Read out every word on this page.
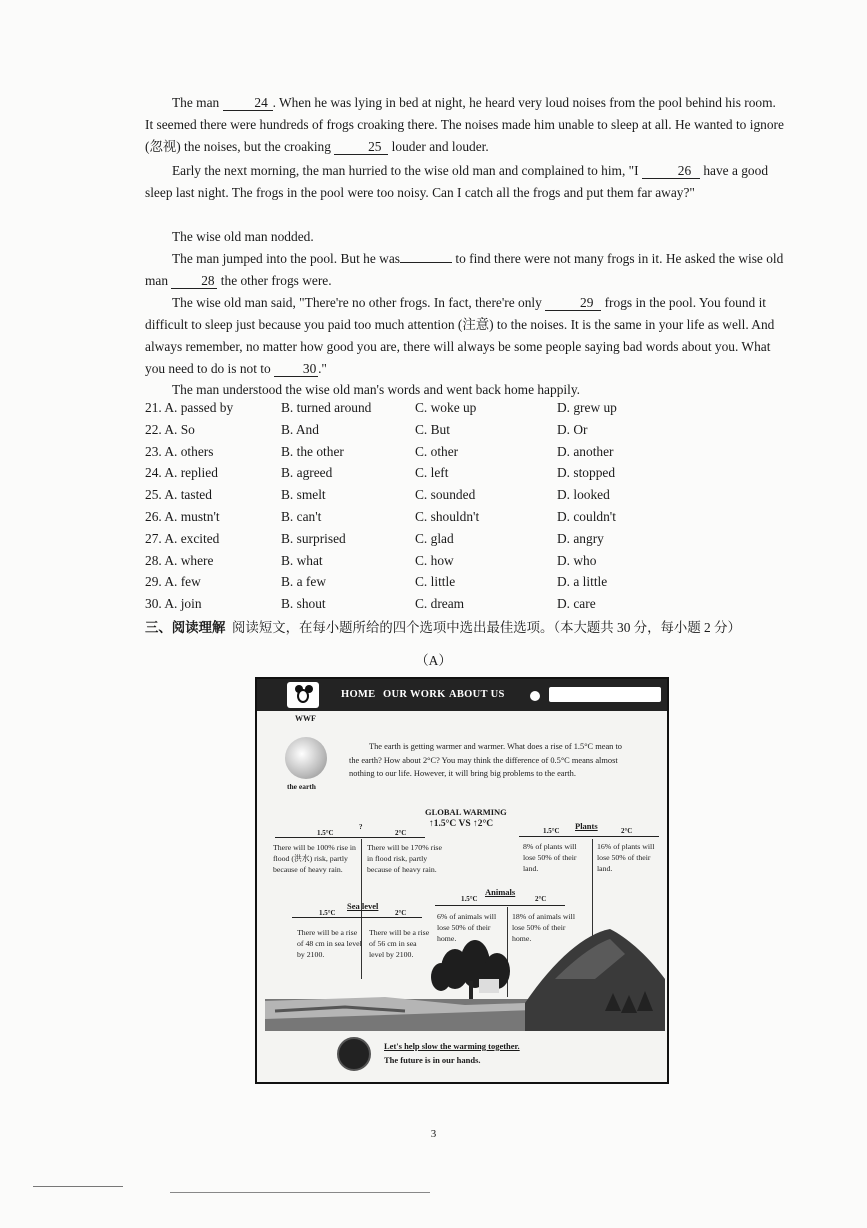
The man	24 . When he was lying in bed at night, he heard very loud noises from the pool behind his room. It seemed there were hundreds of frogs croaking there. The noises made him unable to sleep at all. He wanted to ignore (忽视) the noises, but the croaking	25 louder and louder.

Early the next morning, the man hurried to the wise old man and complained to him, "I	26 have a good sleep last night. The frogs in the pool were too noisy. Can I catch all the frogs and put them far away?"

The wise old man nodded.

The man jumped into the pool. But he was	to find there were not many frogs in it. He asked the wise old man 28 the other frogs were.

The wise old man said, "There're no other frogs. In fact, there're only	29 frogs in the pool. You found it difficult to sleep just because you paid too much attention (注意) to the noises. It is the same in your life as well. And always remember, no matter how good you are, there will always be some people saying bad words about you. What you need to do is not to 30 ."

The man understood the wise old man's words and went back home happily.

21. A. passed by	B. turned around	C. woke up	D. grew up
22. A. So	B. And	C. But	D. Or
23. A. others	B. the other	C. other	D. another
24. A. replied	B. agreed	C. left	D. stopped
25. A. tasted	B. smelt	C. sounded	D. looked
26. A. mustn't	B. can't	C. shouldn't	D. couldn't
27. A. excited	B. surprised	C. glad	D. angry
28. A. where	B. what	C. how	D. who
29. A. few	B. a few	C. little	D. a little
30. A. join	B. shout	C. dream	D. care
三、阅读理解 阅读短文，在每小题所给的四个选项中选出最佳选项。（本大题共 30 分，每小题 2 分）
（A）
HOME OUR WORK ABOUT US
WWF
the earth
The earth is getting warmer and warmer. What does a rise of 1.5°C mean to the earth? How about 2°C? You may think the difference of 0.5°C means almost nothing to our life. However, it will bring big problems to the earth.
GLOBAL WARMING
↑1.5°C VS ↑2°C
1.5°C
?
2°C
There will be 100% rise in flood (洪水) risk, partly because of heavy rain.
There will be 170% rise in flood risk, partly because of heavy rain.
Sea level
1.5°C	2°C
There will be a rise of 48 cm in sea level by 2100.
There will be a rise of 56 cm in sea level by 2100.
1.5°C Plants	2°C
8% of plants will lose 50% of their land.
16% of plants will lose 50% of their land.
1.5°C
Animals
2°C
6% of animals will lose 50% of their home.
18% of animals will lose 50% of their home.
Let's help slow the warming together.
The future is in our hands.
3
